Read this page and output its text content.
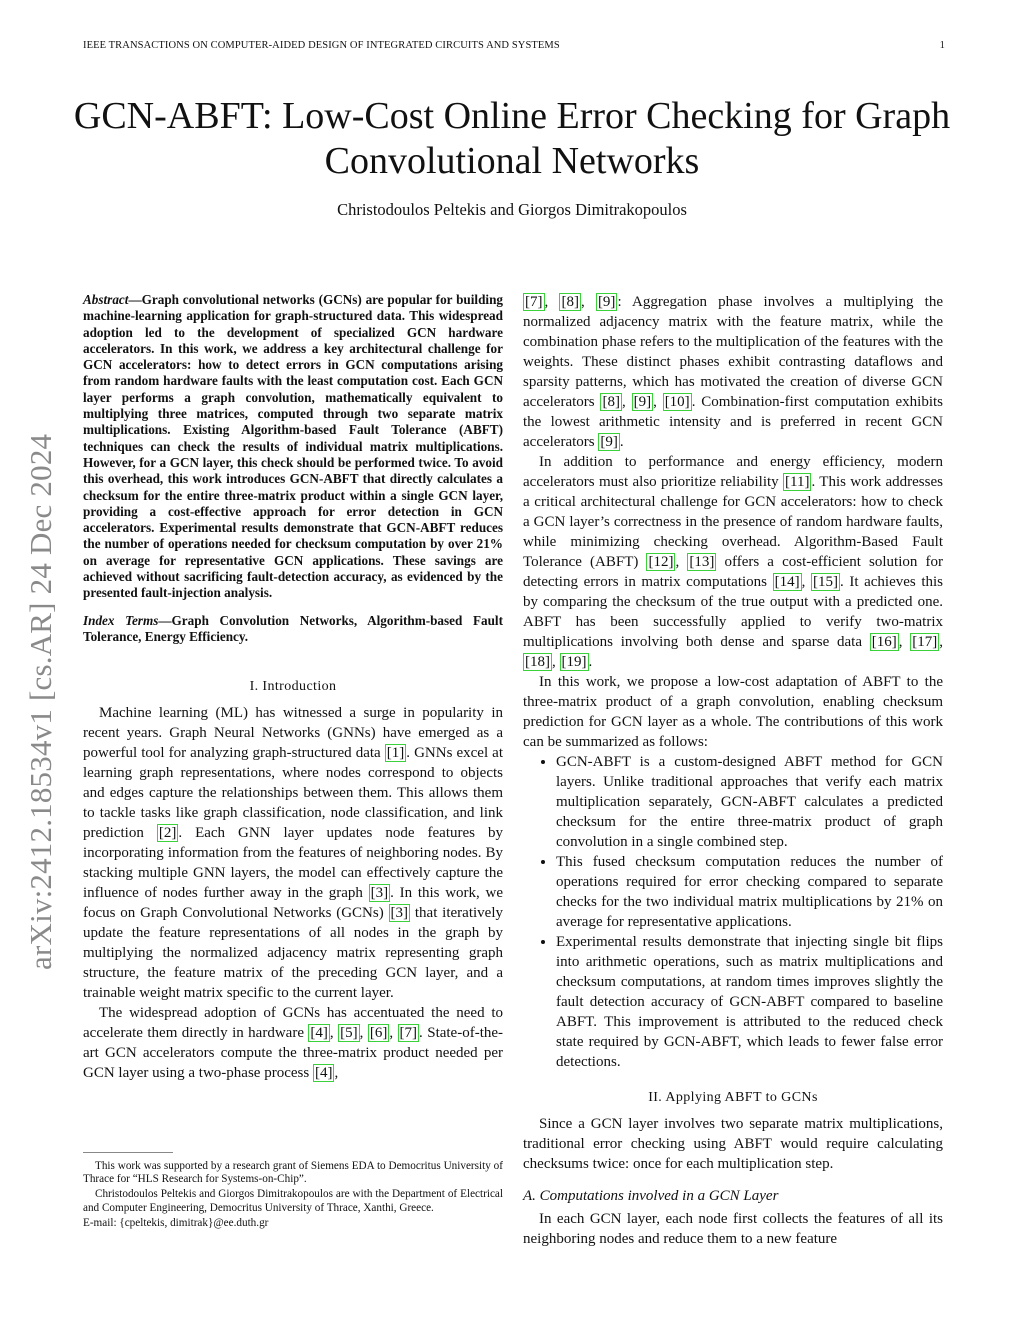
IEEE TRANSACTIONS ON COMPUTER-AIDED DESIGN OF INTEGRATED CIRCUITS AND SYSTEMS	1
arXiv:2412.18534v1 [cs.AR] 24 Dec 2024
GCN-ABFT: Low-Cost Online Error Checking for Graph Convolutional Networks
Christodoulos Peltekis and Giorgos Dimitrakopoulos

Abstract—Graph convolutional networks (GCNs) are popular for building machine-learning application for graph-structured data. This widespread adoption led to the development of specialized GCN hardware accelerators. In this work, we address a key architectural challenge for GCN accelerators: how to detect errors in GCN computations arising from random hardware faults with the least computation cost. Each GCN layer performs a graph convolution, mathematically equivalent to multiplying three matrices, computed through two separate matrix multiplications. Existing Algorithm-based Fault Tolerance (ABFT) techniques can check the results of individual matrix multiplications. However, for a GCN layer, this check should be performed twice. To avoid this overhead, this work introduces GCN-ABFT that directly calculates a checksum for the entire three-matrix product within a single GCN layer, providing a cost-effective approach for error detection in GCN accelerators. Experimental results demonstrate that GCN-ABFT reduces the number of operations needed for checksum computation by over 21% on average for representative GCN applications. These savings are achieved without sacrificing fault-detection accuracy, as evidenced by the presented fault-injection analysis.

Index Terms—Graph Convolution Networks, Algorithm-based Fault Tolerance, Energy Efficiency.

I. Introduction

Machine learning (ML) has witnessed a surge in popularity in recent years. Graph Neural Networks (GNNs) have emerged as a powerful tool for analyzing graph-structured data [1] . GNNs excel at learning graph representations, where nodes correspond to objects and edges capture the relationships between them. This allows them to tackle tasks like graph classification, node classification, and link prediction [2] . Each GNN layer updates node features by incorporating information from the features of neighboring nodes. By stacking multiple GNN layers, the model can effectively capture the influence of nodes further away in the graph [3] . In this work, we focus on Graph Convolutional Networks (GCNs) [3] that iteratively update the feature representations of all nodes in the graph by multiplying the normalized adjacency matrix representing graph structure, the feature matrix of the preceding GCN layer, and a trainable weight matrix specific to the current layer.

The widespread adoption of GCNs has accentuated the need to accelerate them directly in hardware [4] , [5] , [6] , [7] . State-of-the-art GCN accelerators compute the three-matrix product needed per GCN layer using a two-phase process [4] ,

This work was supported by a research grant of Siemens EDA to Democritus University of Thrace for “HLS Research for Systems-on-Chip”.

Christodoulos Peltekis and Giorgos Dimitrakopoulos are with the Department of Electrical and Computer Engineering, Democritus University of Thrace, Xanthi, Greece.

E-mail: {cpeltekis, dimitrak}@ee.duth.gr

[7] , [8] , [9] : Aggregation phase involves a multiplying the normalized adjacency matrix with the feature matrix, while the combination phase refers to the multiplication of the features with the weights. These distinct phases exhibit contrasting dataflows and sparsity patterns, which has motivated the creation of diverse GCN accelerators [8] , [9] , [10] . Combination-first computation exhibits the lowest arithmetic intensity and is preferred in recent GCN accelerators [9] .

In addition to performance and energy efficiency, modern accelerators must also prioritize reliability [11] . This work addresses a critical architectural challenge for GCN accelerators: how to check a GCN layer’s correctness in the presence of random hardware faults, while minimizing checking overhead. Algorithm-Based Fault Tolerance (ABFT) [12] , [13] offers a cost-efficient solution for detecting errors in matrix computations [14] , [15] . It achieves this by comparing the checksum of the true output with a predicted one. ABFT has been successfully applied to verify two-matrix multiplications involving both dense and sparse data [16] , [17] , [18] , [19] .

In this work, we propose a low-cost adaptation of ABFT to the three-matrix product of a graph convolution, enabling checksum prediction for GCN layer as a whole. The contributions of this work can be summarized as follows:

• GCN-ABFT is a custom-designed ABFT method for GCN layers. Unlike traditional approaches that verify each matrix multiplication separately, GCN-ABFT calculates a predicted checksum for the entire three-matrix product of graph convolution in a single combined step.
• This fused checksum computation reduces the number of operations required for error checking compared to separate checks for the two individual matrix multiplications by 21% on average for representative applications.
• Experimental results demonstrate that injecting single bit flips into arithmetic operations, such as matrix multiplications and checksum computations, at random times improves slightly the fault detection accuracy of GCN-ABFT compared to baseline ABFT. This improvement is attributed to the reduced check state required by GCN-ABFT, which leads to fewer false error detections.
II. Applying ABFT to GCNs

Since a GCN layer involves two separate matrix multiplications, traditional error checking using ABFT would require calculating checksums twice: once for each multiplication step.

A. Computations involved in a GCN Layer

In each GCN layer, each node first collects the features of all its neighboring nodes and reduce them to a new feature
